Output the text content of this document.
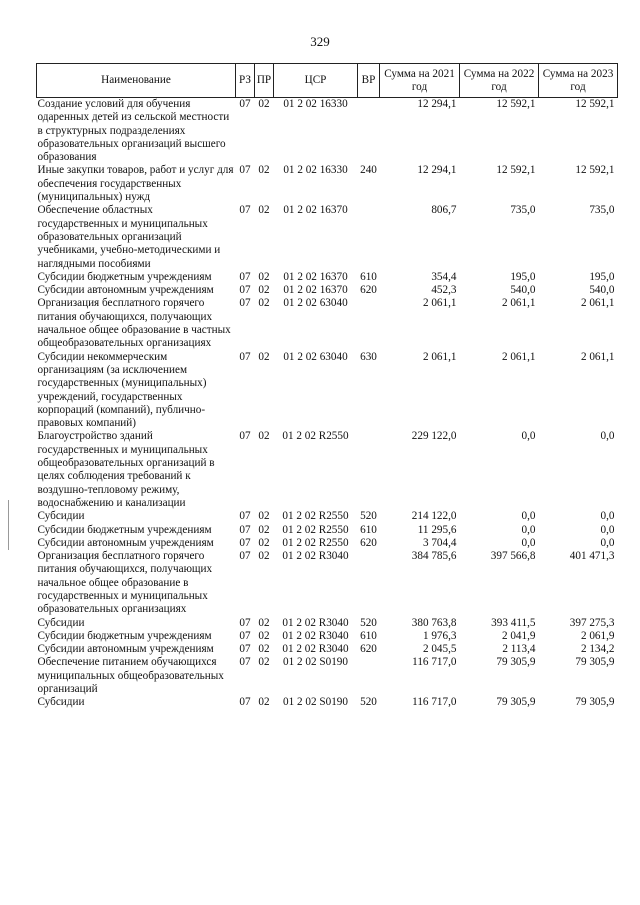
329
Наименование	РЗ	ПР	ЦСР	ВР	Сумма на 2021 год	Сумма на 2022 год	Сумма на 2023 год
Создание условий для обучения одаренных детей из сельской местности в структурных подразделениях образовательных организаций высшего образования	07	02	01 2 02 16330		12 294,1	12 592,1	12 592,1
Иные закупки товаров, работ и услуг для обеспечения государственных (муниципальных) нужд	07	02	01 2 02 16330	240	12 294,1	12 592,1	12 592,1
Обеспечение областных государственных и муниципальных образовательных организаций учебниками, учебно-методическими и наглядными пособиями	07	02	01 2 02 16370		806,7	735,0	735,0
Субсидии бюджетным учреждениям	07	02	01 2 02 16370	610	354,4	195,0	195,0
Субсидии автономным учреждениям	07	02	01 2 02 16370	620	452,3	540,0	540,0
Организация бесплатного горячего питания обучающихся, получающих начальное общее образование в частных общеобразовательных организациях	07	02	01 2 02 63040		2 061,1	2 061,1	2 061,1
Субсидии некоммерческим организациям (за исключением государственных (муниципальных) учреждений, государственных корпораций (компаний), публично-правовых компаний)	07	02	01 2 02 63040	630	2 061,1	2 061,1	2 061,1
Благоустройство зданий государственных и муниципальных общеобразовательных организаций в целях соблюдения требований к воздушно-тепловому режиму, водоснабжению и канализации	07	02	01 2 02 R2550		229 122,0	0,0	0,0
Субсидии	07	02	01 2 02 R2550	520	214 122,0	0,0	0,0
Субсидии бюджетным учреждениям	07	02	01 2 02 R2550	610	11 295,6	0,0	0,0
Субсидии автономным учреждениям	07	02	01 2 02 R2550	620	3 704,4	0,0	0,0
Организация бесплатного горячего питания обучающихся, получающих начальное общее образование в государственных и муниципальных образовательных организациях	07	02	01 2 02 R3040		384 785,6	397 566,8	401 471,3
Субсидии	07	02	01 2 02 R3040	520	380 763,8	393 411,5	397 275,3
Субсидии бюджетным учреждениям	07	02	01 2 02 R3040	610	1 976,3	2 041,9	2 061,9
Субсидии автономным учреждениям	07	02	01 2 02 R3040	620	2 045,5	2 113,4	2 134,2
Обеспечение питанием обучающихся муниципальных общеобразовательных организаций	07	02	01 2 02 S0190		116 717,0	79 305,9	79 305,9
Субсидии	07	02	01 2 02 S0190	520	116 717,0	79 305,9	79 305,9
